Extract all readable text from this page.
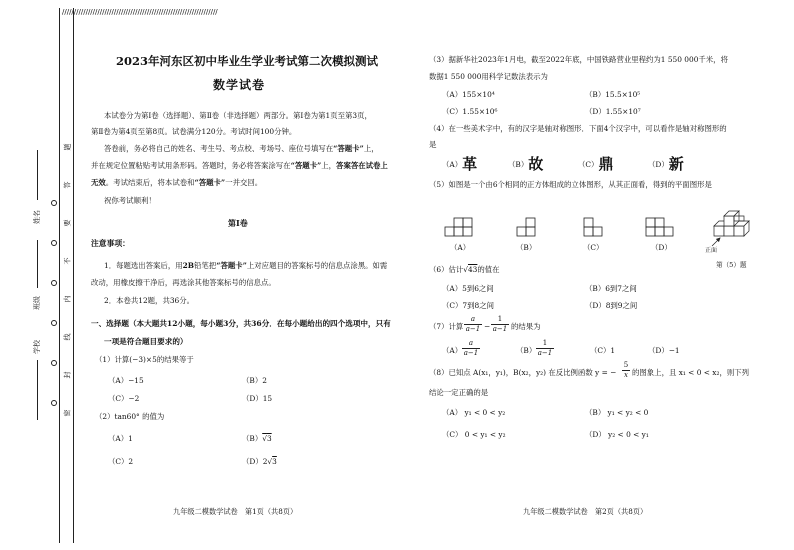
//////////////////////////////////////////////////////////////////
题
答
要
不
内
线
封
密
姓名
班级
学校
2023年河东区初中毕业生学业考试第二次模拟测试
数学试卷
本试卷分为第Ⅰ卷（选择题）、第Ⅱ卷（非选择题）两部分。第Ⅰ卷为第1页至第3页，
第Ⅱ卷为第4页至第8页。试卷满分120分。考试时间100分钟。
答卷前，务必将自己的姓名、考生号、考点校、考场号、座位号填写在“答题卡”上，
并在规定位置粘贴考试用条形码。答题时，务必将答案涂写在“答题卡”上，答案答在试卷上
无效。考试结束后，将本试卷和“答题卡”一并交回。
祝你考试顺利！
第Ⅰ卷
注意事项：
1．每题选出答案后，用2B铅笔把“答题卡”上对应题目的答案标号的信息点涂黑。如需
改动，用橡皮擦干净后，再选涂其他答案标号的信息点。
2．本卷共12题，共36分。
一、选择题（本大题共12小题，每小题3分，共36分．在每小题给出的四个选项中，只有
一项是符合题目要求的）
（1）计算(−3)×5的结果等于
（A）−15	（B）2
（C）−2	（D）15
（2）tan60° 的值为
（A）1	（B）√3
（C）2	（D）2√3
九年级二模数学试卷　第1页（共8页）
（3）据新华社2023年1月电，截至2022年底，中国铁路营业里程约为1 550 000千米，将
数据1 550 000用科学记数法表示为
（A）155×10⁴	（B）15.5×10⁵
（C）1.55×10⁶	（D）1.55×10⁷
（4）在一些美术字中，有的汉字是轴对称图形．下面4个汉字中，可以看作是轴对称图形的
是
（A）革	（B）故	（C）鼎	（D）新
（5）如图是一个由6个相同的正方体组成的立体图形，从其正面看，得到的平面图形是
（A）	（B）	（C）	（D）	正面
第（5）题
（6）估计√43的值在
（A）5到6之间	（B）6到7之间
（C）7到8之间	（D）8到9之间
（7）计算
a
a−1 −
1
a−1 的结果为
（A）
a
a−1	（B）
1
a−1	（C）1	（D）−1
（8）已知点 A(x₁，y₁)，B(x₂，y₂) 在反比例函数 y = −
5
x 的图象上，且 x₁ < 0 < x₂，则下列
结论一定正确的是
（A） y₁ < 0 < y₂	（B） y₁ < y₂ < 0
（C） 0 < y₁ < y₂	（D） y₂ < 0 < y₁
九年级二模数学试卷　第2页（共8页）
